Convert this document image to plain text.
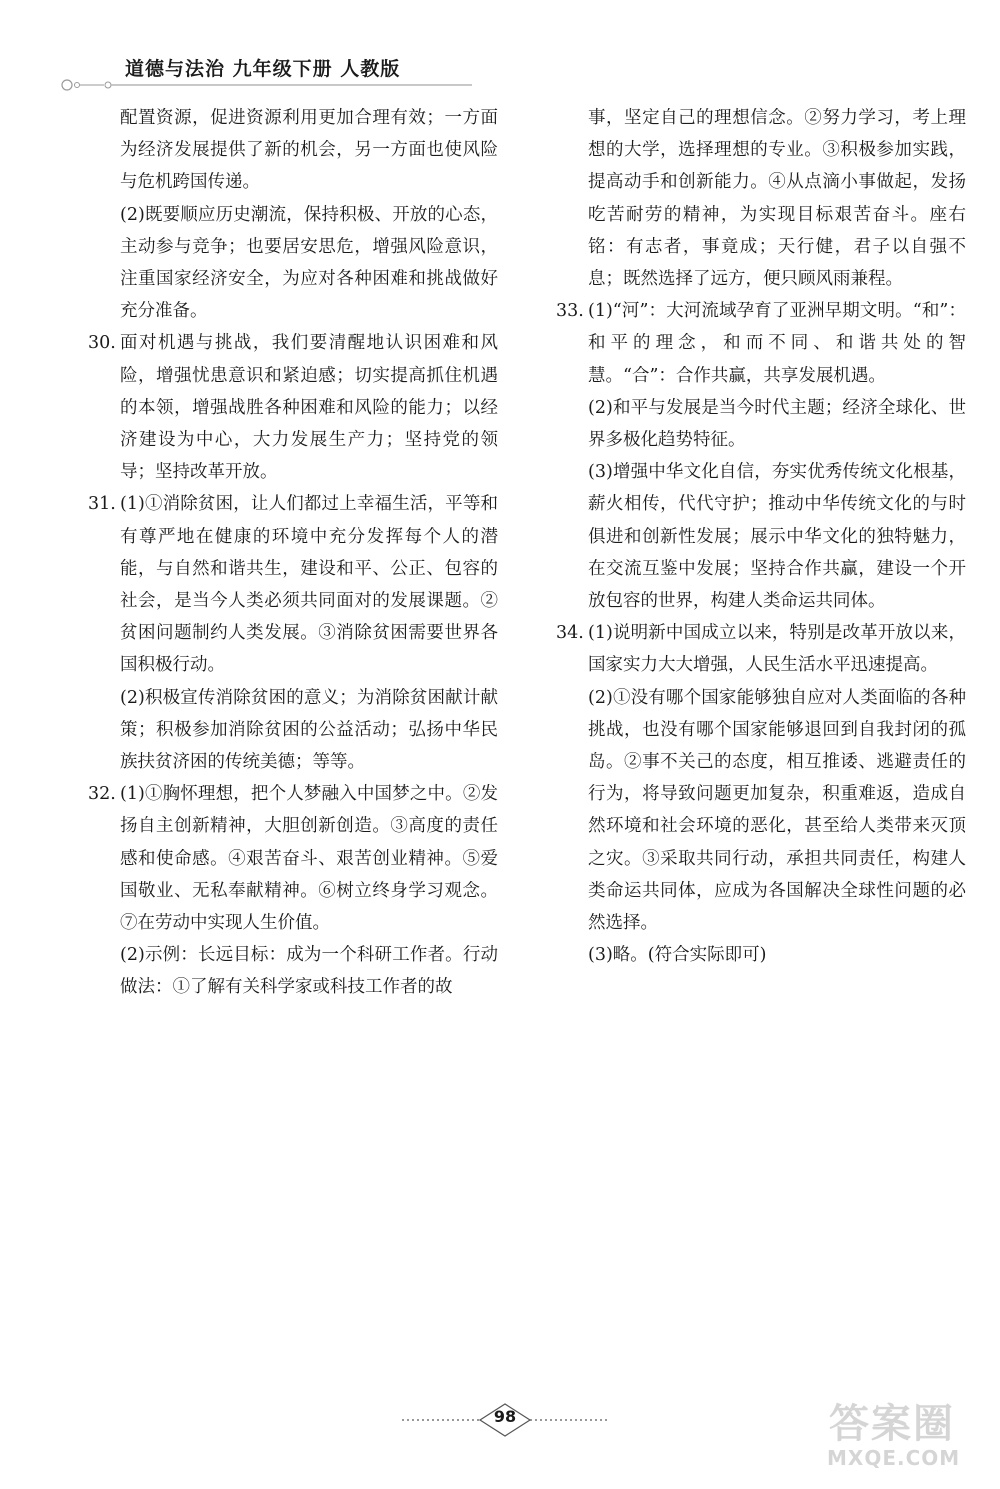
道德与法治 九年级下册 人教版

配置资源，促进资源利用更加合理有效；一方面为经济发展提供了新的机会，另一方面也使风险与危机跨国传递。

(2)既要顺应历史潮流，保持积极、开放的心态，主动参与竞争；也要居安思危，增强风险意识，注重国家经济安全，为应对各种困难和挑战做好充分准备。

30. 面对机遇与挑战，我们要清醒地认识困难和风险，增强忧患意识和紧迫感；切实提高抓住机遇的本领，增强战胜各种困难和风险的能力；以经济建设为中心，大力发展生产力；坚持党的领导；坚持改革开放。

31. (1)①消除贫困，让人们都过上幸福生活，平等和有尊严地在健康的环境中充分发挥每个人的潜能，与自然和谐共生，建设和平、公正、包容的社会，是当今人类必须共同面对的发展课题。②贫困问题制约人类发展。③消除贫困需要世界各国积极行动。

(2)积极宣传消除贫困的意义；为消除贫困献计献策；积极参加消除贫困的公益活动；弘扬中华民族扶贫济困的传统美德；等等。

32. (1)①胸怀理想，把个人梦融入中国梦之中。②发扬自主创新精神，大胆创新创造。③高度的责任感和使命感。④艰苦奋斗、艰苦创业精神。⑤爱国敬业、无私奉献精神。⑥树立终身学习观念。⑦在劳动中实现人生价值。

(2)示例：长远目标：成为一个科研工作者。行动做法：①了解有关科学家或科技工作者的故

事，坚定自己的理想信念。②努力学习，考上理想的大学，选择理想的专业。③积极参加实践，提高动手和创新能力。④从点滴小事做起，发扬吃苦耐劳的精神，为实现目标艰苦奋斗。座右铭：有志者，事竟成；天行健，君子以自强不息；既然选择了远方，便只顾风雨兼程。

33. (1)“河”：大河流域孕育了亚洲早期文明。“和”：和平的理念，和而不同、和谐共处的智慧。“合”：合作共赢，共享发展机遇。

(2)和平与发展是当今时代主题；经济全球化、世界多极化趋势特征。

(3)增强中华文化自信，夯实优秀传统文化根基，薪火相传，代代守护；推动中华传统文化的与时俱进和创新性发展；展示中华文化的独特魅力，在交流互鉴中发展；坚持合作共赢，建设一个开放包容的世界，构建人类命运共同体。

34. (1)说明新中国成立以来，特别是改革开放以来，国家实力大大增强，人民生活水平迅速提高。

(2)①没有哪个国家能够独自应对人类面临的各种挑战，也没有哪个国家能够退回到自我封闭的孤岛。②事不关己的态度，相互推诿、逃避责任的行为，将导致问题更加复杂，积重难返，造成自然环境和社会环境的恶化，甚至给人类带来灭顶之灾。③采取共同行动，承担共同责任，构建人类命运共同体，应成为各国解决全球性问题的必然选择。

(3)略。(符合实际即可)

98	答案圈
MXQE.COM
